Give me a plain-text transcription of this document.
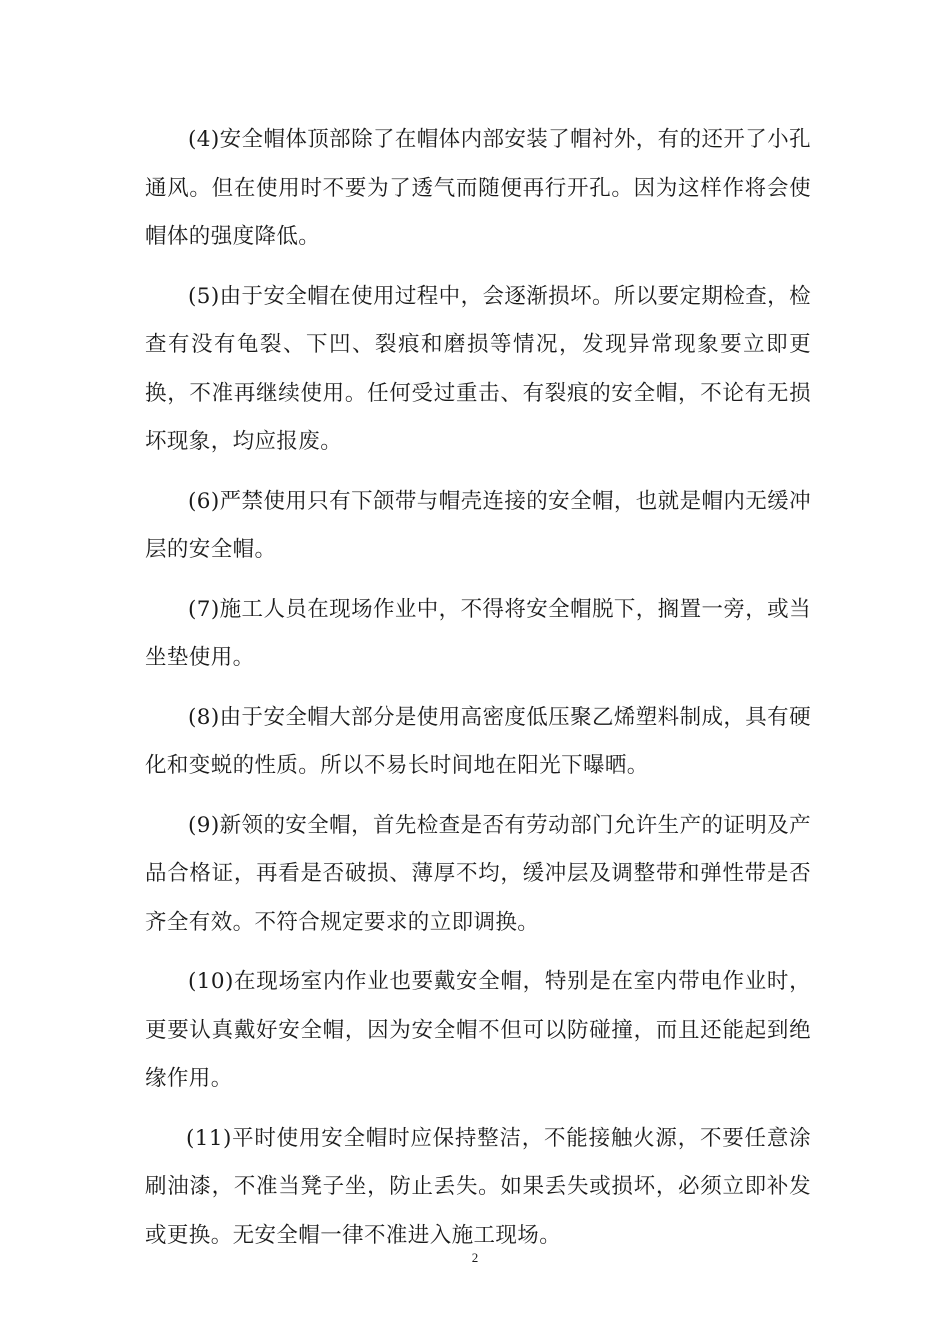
(4)安全帽体顶部除了在帽体内部安装了帽衬外，有的还开了小孔通风。但在使用时不要为了透气而随便再行开孔。因为这样作将会使帽体的强度降低。

(5)由于安全帽在使用过程中，会逐渐损坏。所以要定期检查，检查有没有龟裂、下凹、裂痕和磨损等情况，发现异常现象要立即更换，不准再继续使用。任何受过重击、有裂痕的安全帽，不论有无损坏现象，均应报废。

(6)严禁使用只有下颌带与帽壳连接的安全帽，也就是帽内无缓冲层的安全帽。

(7)施工人员在现场作业中，不得将安全帽脱下，搁置一旁，或当坐垫使用。

(8)由于安全帽大部分是使用高密度低压聚乙烯塑料制成，具有硬化和变蜕的性质。所以不易长时间地在阳光下曝晒。

(9)新领的安全帽，首先检查是否有劳动部门允许生产的证明及产品合格证，再看是否破损、薄厚不均，缓冲层及调整带和弹性带是否齐全有效。不符合规定要求的立即调换。

(10)在现场室内作业也要戴安全帽，特别是在室内带电作业时，更要认真戴好安全帽，因为安全帽不但可以防碰撞，而且还能起到绝缘作用。

(11)平时使用安全帽时应保持整洁，不能接触火源，不要任意涂刷油漆，不准当凳子坐，防止丢失。如果丢失或损坏，必须立即补发或更换。无安全帽一律不准进入施工现场。

2
